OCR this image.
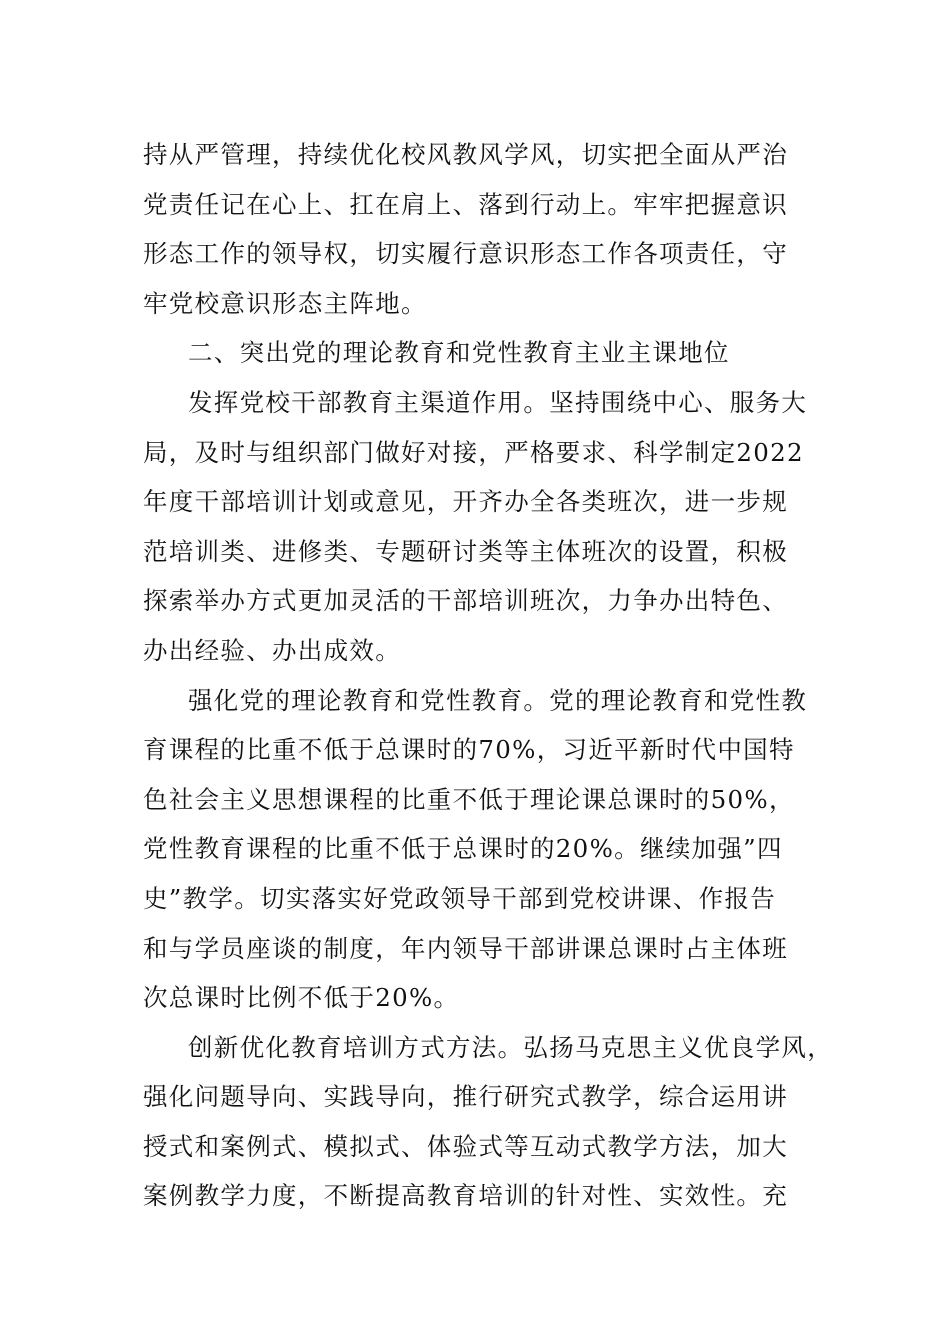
持从严管理，持续优化校风教风学风，切实把全面从严治
党责任记在心上、扛在肩上、落到行动上。牢牢把握意识
形态工作的领导权，切实履行意识形态工作各项责任，守
牢党校意识形态主阵地。
二、突出党的理论教育和党性教育主业主课地位
发挥党校干部教育主渠道作用。坚持围绕中心、服务大
局，及时与组织部门做好对接，严格要求、科学制定2022
年度干部培训计划或意见，开齐办全各类班次，进一步规
范培训类、进修类、专题研讨类等主体班次的设置，积极
探索举办方式更加灵活的干部培训班次，力争办出特色、
办出经验、办出成效。
强化党的理论教育和党性教育。党的理论教育和党性教
育课程的比重不低于总课时的70%，习近平新时代中国特
色社会主义思想课程的比重不低于理论课总课时的50%，
党性教育课程的比重不低于总课时的20%。继续加强”四
史”教学。切实落实好党政领导干部到党校讲课、作报告
和与学员座谈的制度，年内领导干部讲课总课时占主体班
次总课时比例不低于20%。
创新优化教育培训方式方法。弘扬马克思主义优良学风，
强化问题导向、实践导向，推行研究式教学，综合运用讲
授式和案例式、模拟式、体验式等互动式教学方法，加大
案例教学力度，不断提高教育培训的针对性、实效性。充
